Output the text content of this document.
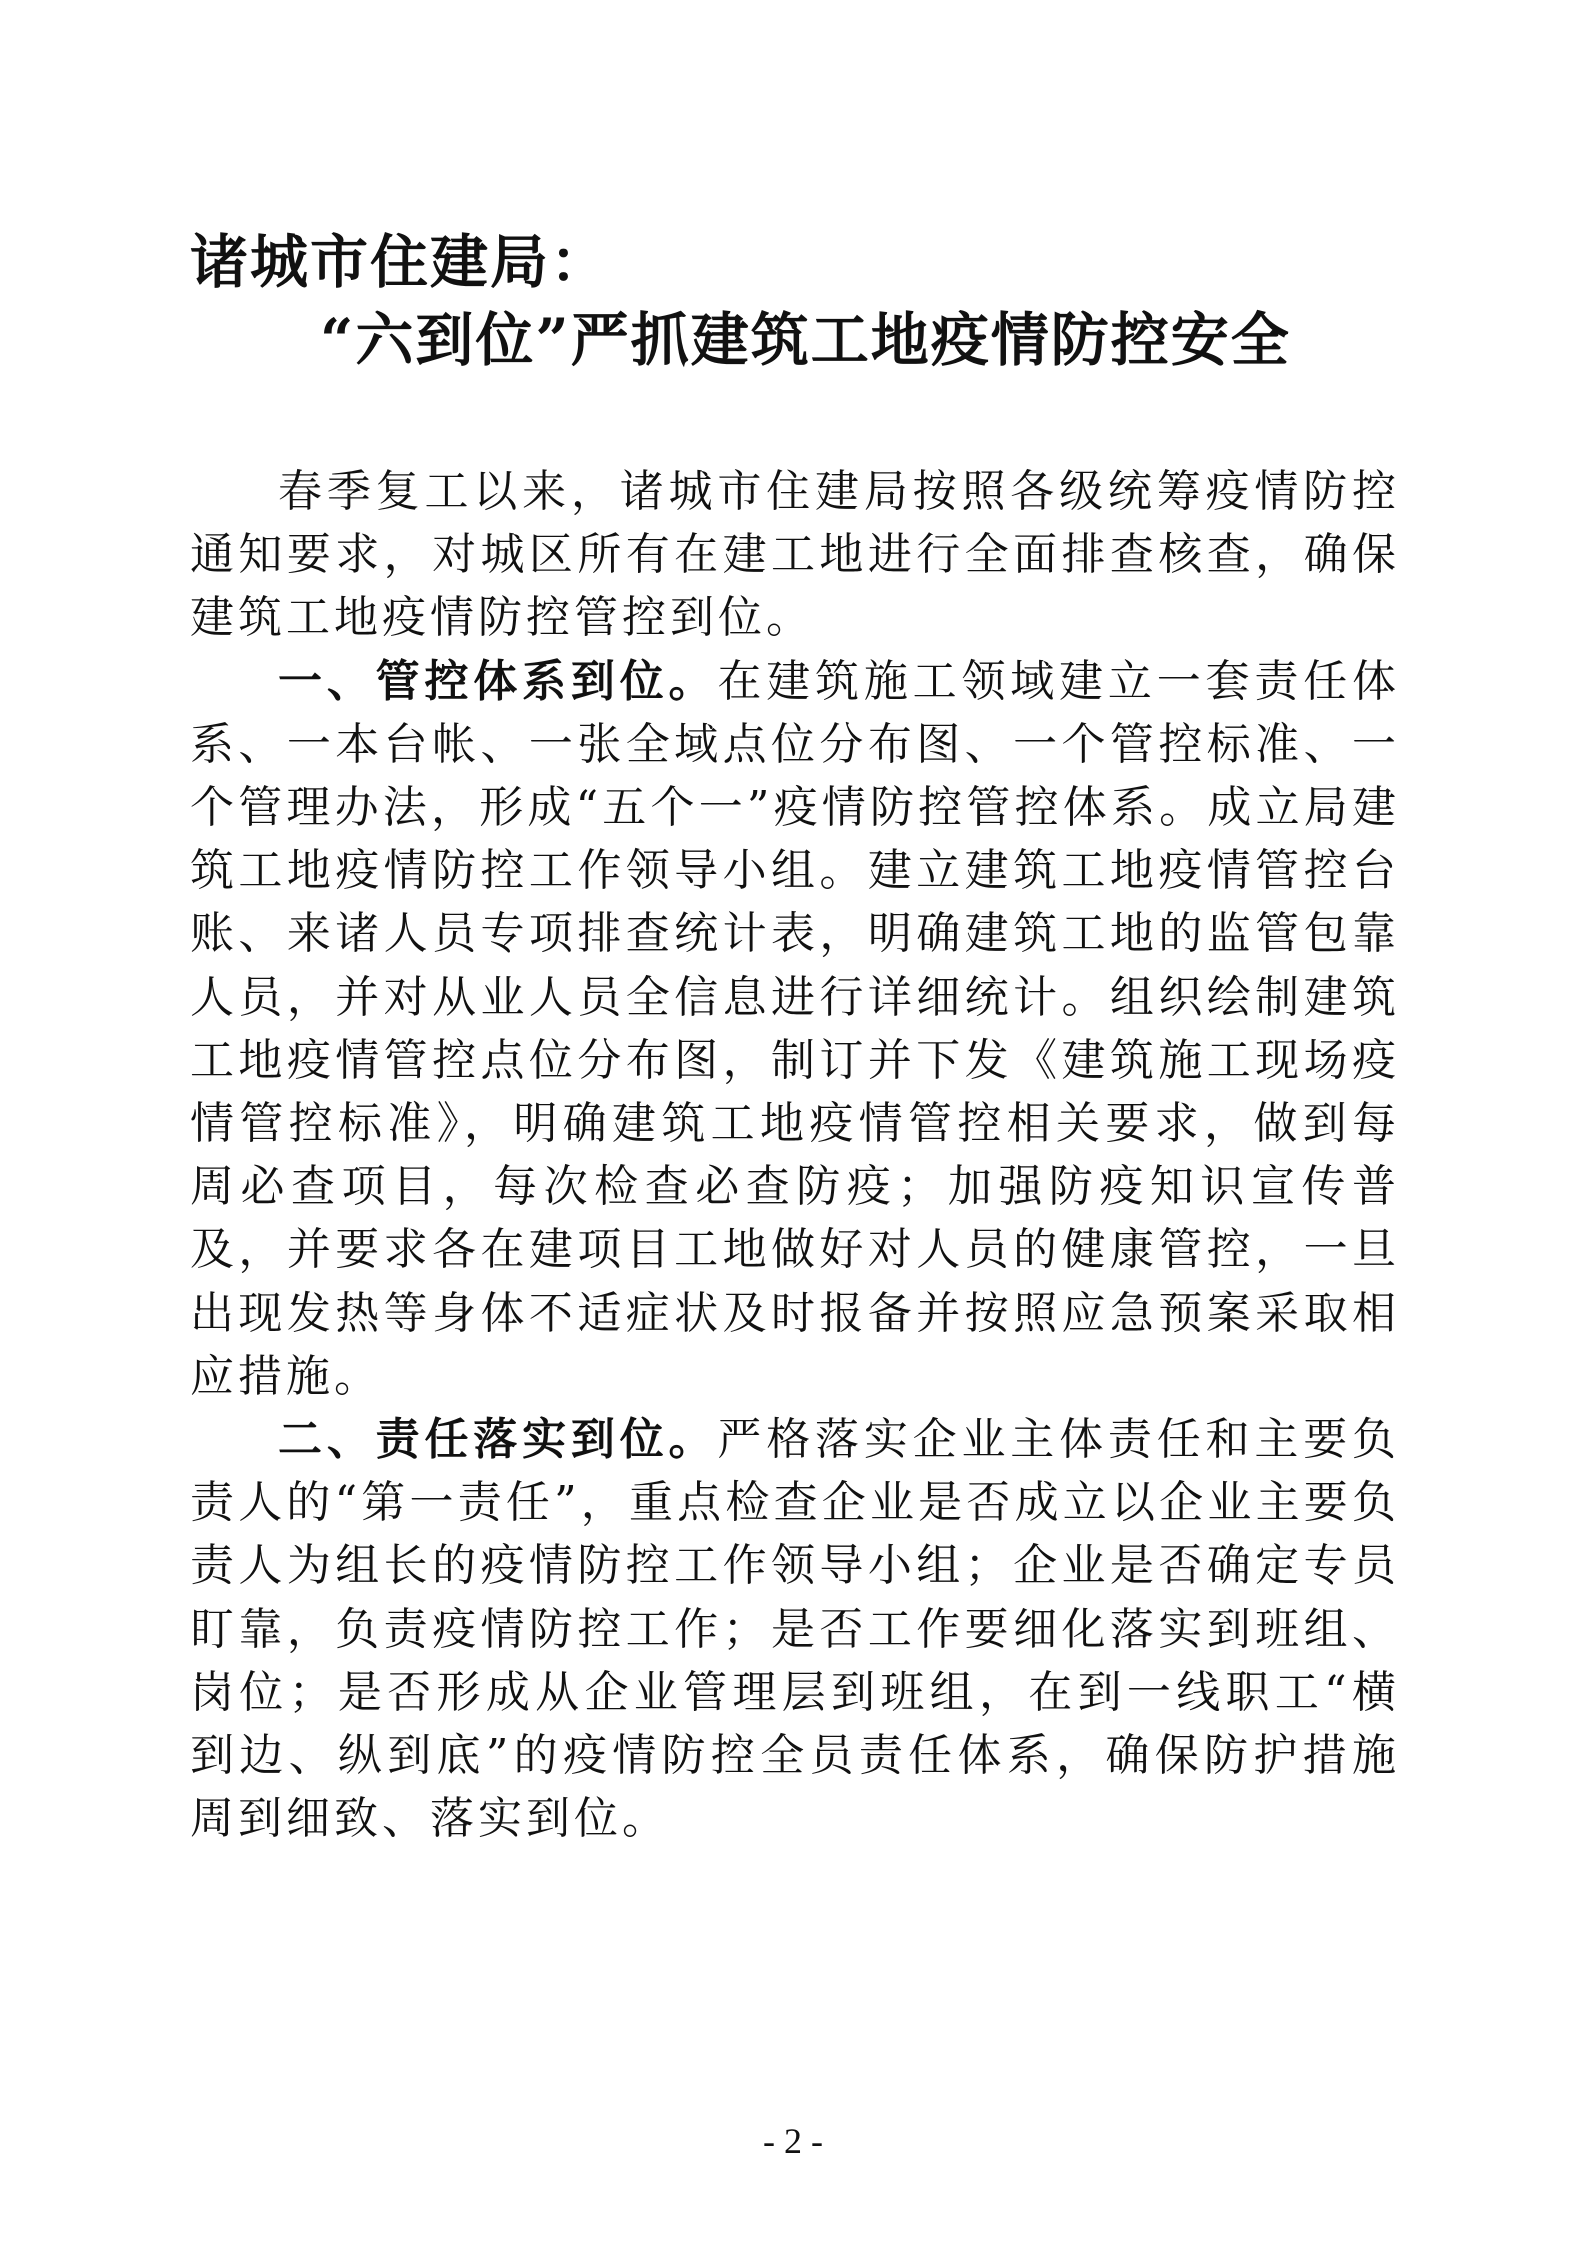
诸城市住建局：
“六到位”严抓建筑工地疫情防控安全

春季复工以来，诸城市住建局按照各级统筹疫情防控通知要求，对城区所有在建工地进行全面排查核查，确保建筑工地疫情防控管控到位。

一、管控体系到位。在建筑施工领域建立一套责任体系、一本台帐、一张全域点位分布图、一个管控标准、一个管理办法，形成“五个一”疫情防控管控体系。成立局建筑工地疫情防控工作领导小组。建立建筑工地疫情管控台账、来诸人员专项排查统计表，明确建筑工地的监管包靠人员，并对从业人员全信息进行详细统计。组织绘制建筑工地疫情管控点位分布图，制订并下发《建筑施工现场疫情管控标准》，明确建筑工地疫情管控相关要求，做到每周必查项目，每次检查必查防疫；加强防疫知识宣传普及，并要求各在建项目工地做好对人员的健康管控，一旦出现发热等身体不适症状及时报备并按照应急预案采取相应措施。

二、责任落实到位。严格落实企业主体责任和主要负责人的“第一责任”，重点检查企业是否成立以企业主要负责人为组长的疫情防控工作领导小组；企业是否确定专员盯靠，负责疫情防控工作；是否工作要细化落实到班组、岗位；是否形成从企业管理层到班组，在到一线职工“横到边、纵到底”的疫情防控全员责任体系，确保防护措施周到细致、落实到位。

- 2 -
